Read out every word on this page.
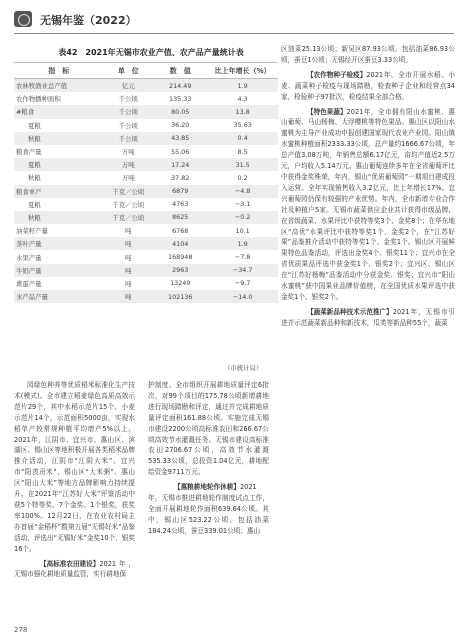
无锡年鉴（2022）
表42　2021年无锡市农业产值、农产品产量统计表
指　标	单　位	数　值	比上年增长（%）
农林牧渔业总产值	亿元	214.49	1.9
农作物播种面积	千公顷	135.33	4.3
#粮食	千公顷	80.05	13.8
夏粮	千公顷	36.20	35.63
秋粮	千公顷	43.85	0.4
粮食产量	万吨	55.06	8.5
夏粮	万吨	17.24	31.5
秋粮	万吨	37.82	0.2
粮食单产	千克／公顷	6879	−4.8
夏粮	千克／公顷	4763	−3.1
秋粮	千克／公顷	8625	−0.2
油菜籽产量	吨	6768	10.1
茶叶产量	吨	4104	1.9
水果产量	吨	168948	−7.8
牛奶产量	吨	2963	−34.7
禽蛋产量	吨	13249	−9.7
水产品产量	吨	102136	−14.0
（市统计局）

园绿色种养等优质稻米标准化生产技术(模式)。全市建立稻麦绿色高质高效示范片29个，其中水稻示范片15个、小麦示范片14个，示范面积5000亩，实现水稻单产较常规种植平均增产5%以上。2021年，江阴市、宜兴市、惠山区、滨湖区、锡山区等地积极开展各类稻米品牌推介活动，江阴市“江阴大米”、宜兴市“阳羡贡米”、锡山区“大米粥”、惠山区“阳山大米”等地方品牌影响力持续提升。在2021年“江苏好大米”评鉴活动中获5个特等奖、7个金奖、1个银奖，获奖率100%。12月22日，在农业农村局主办首届“金稻杯”暨第五届“无锡好米”品鉴活动，评选出“无锡好米”金奖10个、银奖16个。

【高标准农田建设】2021年，无锡市强化耕地质量监管，实行耕地保

护制度。全市组织开展耕地质量评定6批次，对99个项目的175.78公顷新增耕地进行现场踏勘和评定，通过并完成耕地质量评定面积161.88公顷。实施完成无锡市建设2200公顷高标准农田和266.67公顷高效节水灌溉任务。无锡市建设高标准农田2706.67公顷，高效节水灌溉535.33公顷，总投资1.04亿元，耕地配给资金9711万元。

【惠粮耕地轮作休耕】2021年，无锡市推进耕地轮作制度试点工作，全面开展耕地轮作面积639.64公顷。其中，锡山区523.22公顷，包括油菜184.24公顷，蚕豆339.01公顷；惠山

区油菜25.13公顷；新吴区87.93公顷，包括油菜86.93公顷，蚕豆1公顷；无锡经开区蚕豆3.33公顷。

【农作物种子检疫】2021年，全市开展水稻、小麦、蔬菜种子检疫与现场踏勘，检查种子企业和经营点34家，检验种子97批次，检疫结果全部合格。

【特色果蔬】2021年，全市拥有阳山水蜜桃、惠山葡萄、马山杨梅、大浮樱桃等特色果品。惠山区以阳山水蜜桃为主导产业成功申报创建国家现代农业产业园。阳山镇水蜜桃种植面积2333.33公顷，总产量约1666.67公顷，年总产值3.08万吨，年销售总额6.17亿元，亩均产值近2.5万元，户均收入5.14万元。惠山葡萄连续多年在全省葡萄评比中获得金奖殊荣，年内，锡山“优质葡萄园”一期项目建成投入运营。全年实现销售收入3.2亿元，比上年增长17%。宜兴葡萄园仍保有较强的产业优势。年内，全市新增专业合作社及种植户5家。无锡市蔬菜供应企业共计获得市级品牌，在省级蔬菜、水果评比中获特等奖3个、金奖8个；在华东地区“高优”水果评比中获特等奖1个、金奖2个，在“江苏好果”品鉴推介活动中获特等奖1个、金奖1个。锡山区开展鲜果特色品鉴活动，评选出金奖4个、银奖11个；宜兴市在全省优质果品评选中获金奖1个、银奖2个；宜兴区、锡山区在“江苏好杨梅”品鉴活动中分获金奖、银奖；宜兴市“阳山水蜜桃”获中国果业品牌价值榜，在全国优质水果评选中获金奖1个、银奖2个。

【蔬菜新品种技术示范推广】2021年，无锡市引进并示范蔬菜新品种和新技术，瓜类等新品种55个，蔬菜

278
